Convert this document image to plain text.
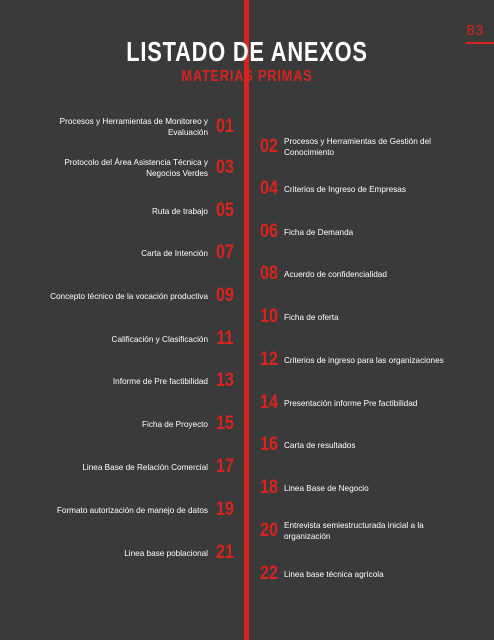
83
LISTADO DE ANEXOS
MATERIAS PRIMAS
Procesos y Herramientas de Monitoreo y Evaluación 01
Protocolo del Área Asistencia Técnica y Negocios Verdes 03
Ruta de trabajo 05
Carta de Intención 07
Concepto técnico de la vocación productiva 09
Calificación y Clasificación 11
Informe de Pre factibilidad 13
Ficha de Proyecto 15
Linea Base de Relación Comercial 17
Formato autorización de manejo de datos 19
Linea base poblacional 21
02 Procesos y Herramientas de Gestión del Conocimiento
04 Criterios de Ingreso de Empresas
06 Ficha de Demanda
08 Acuerdo de confidencialidad
10 Ficha de oferta
12 Criterios de ingreso para las organizaciones
14 Presentación informe Pre factibilidad
16 Carta de resultados
18 Linea Base de Negocio
20 Entrevista semiestructurada inicial a la organización
22 Linea base técnica agrícola
